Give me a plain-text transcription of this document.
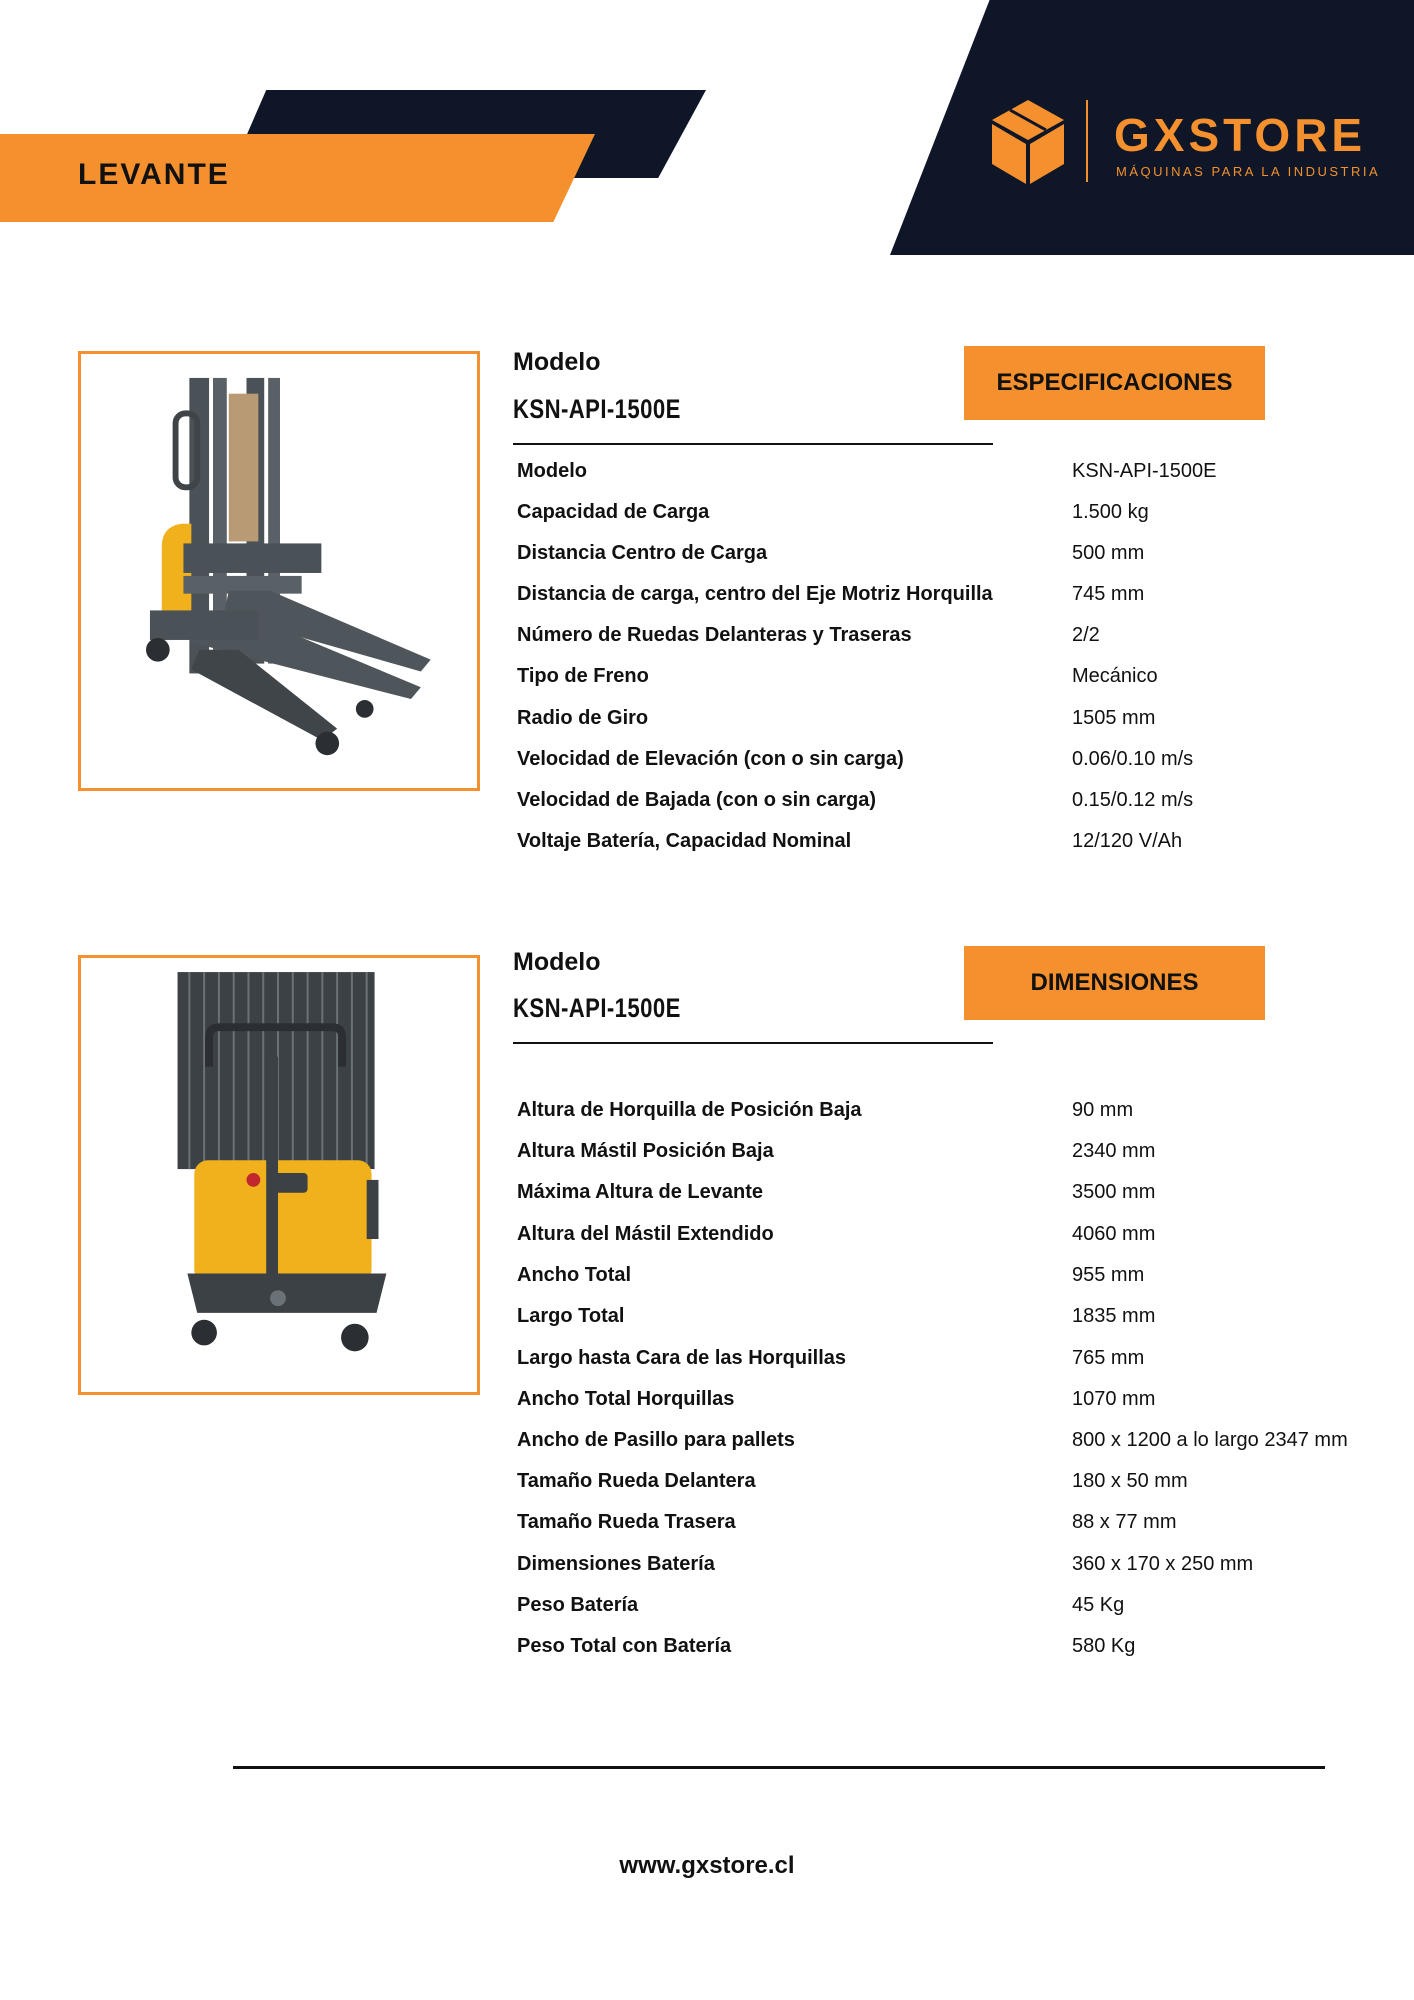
LEVANTE
GXSTORE
MÁQUINAS PARA LA INDUSTRIA
Modelo
KSN-API-1500E
ESPECIFICACIONES
Modelo	KSN-API-1500E
Capacidad de Carga	1.500 kg
Distancia Centro de Carga	500 mm
Distancia de carga, centro del Eje Motriz Horquilla	745 mm
Número de Ruedas Delanteras y Traseras	2/2
Tipo de Freno	Mecánico
Radio de Giro	1505 mm
Velocidad de Elevación (con o sin carga)	0.06/0.10 m/s
Velocidad de Bajada (con o sin carga)	0.15/0.12 m/s
Voltaje Batería, Capacidad Nominal	12/120 V/Ah
Modelo
KSN-API-1500E
DIMENSIONES
Altura de Horquilla de Posición Baja	90 mm
Altura Mástil Posición Baja	2340 mm
Máxima Altura de Levante	3500 mm
Altura del Mástil Extendido	4060 mm
Ancho Total	955 mm
Largo Total	1835 mm
Largo hasta Cara de las Horquillas	765 mm
Ancho Total Horquillas	1070 mm
Ancho de Pasillo para pallets	800 x 1200 a lo largo 2347 mm
Tamaño Rueda Delantera	180 x 50 mm
Tamaño Rueda Trasera	88 x 77 mm
Dimensiones Batería	360 x 170 x 250 mm
Peso Batería	45 Kg
Peso Total con Batería	580 Kg
www.gxstore.cl
